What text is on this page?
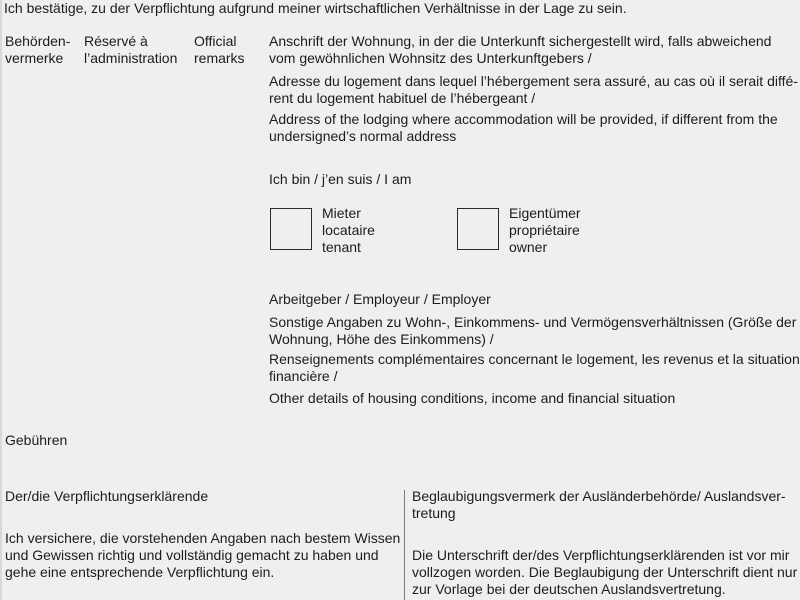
Ich bestätige, zu der Verpflichtung aufgrund meiner wirtschaftlichen Verhältnisse in der Lage zu sein.
Behörden-
vermerke
Réservé à
l’administration
Official
remarks
Anschrift der Wohnung, in der die Unterkunft sichergestellt wird, falls abweichend
vom gewöhnlichen Wohnsitz des Unterkunftgebers /
Adresse du logement dans lequel l’hébergement sera assuré, au cas où il serait diffé-
rent du logement habituel de l’hébergeant /
Address of the lodging where accommodation will be provided, if different from the
undersigned’s normal address
Ich bin / j’en suis / I am
Mieter
locataire
tenant
Eigentümer
propriétaire
owner
Arbeitgeber / Employeur / Employer
Sonstige Angaben zu Wohn-, Einkommens- und Vermögensverhältnissen (Größe der
Wohnung, Höhe des Einkommens) /
Renseignements complémentaires concernant le logement, les revenus et la situation
financière /
Other details of housing conditions, income and financial situation
Gebühren
Der/die Verpflichtungserklärende
Ich versichere, die vorstehenden Angaben nach bestem Wissen
und Gewissen richtig und vollständig gemacht zu haben und
gehe eine entsprechende Verpflichtung ein.
Beglaubigungsvermerk der Ausländerbehörde/ Auslandsver-
tretung
Die Unterschrift der/des Verpflichtungserklärenden ist vor mir
vollzogen worden. Die Beglaubigung der Unterschrift dient nur
zur Vorlage bei der deutschen Auslandsvertretung.
